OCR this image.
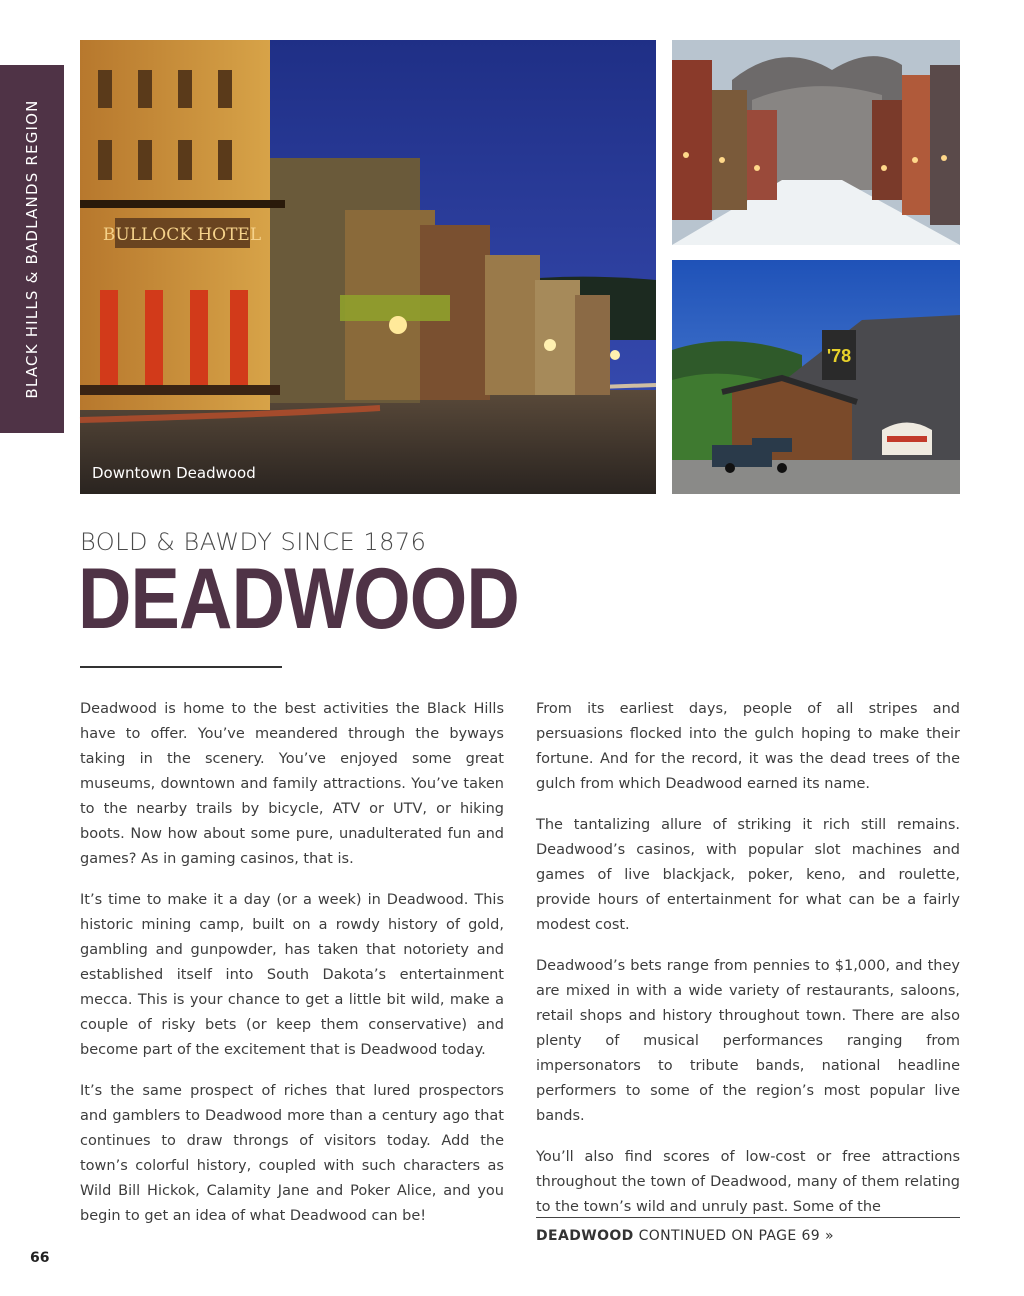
BLACK HILLS & BADLANDS REGION	BULLOCK HOTEL
Downtown Deadwood
'78
BOLD & BAWDY SINCE 1876
DEADWOOD

Deadwood is home to the best activities the Black Hills have to offer. You’ve meandered through the byways taking in the scenery. You’ve enjoyed some great museums, downtown and family attractions. You’ve taken to the nearby trails by bicycle, ATV or UTV, or hiking boots. Now how about some pure, unadulterated fun and games? As in gaming casinos, that is.

It’s time to make it a day (or a week) in Deadwood. This historic mining camp, built on a rowdy history of gold, gambling and gunpowder, has taken that notoriety and established itself into South Dakota’s entertainment mecca. This is your chance to get a little bit wild, make a couple of risky bets (or keep them conservative) and become part of the excitement that is Deadwood today.

It’s the same prospect of riches that lured prospectors and gamblers to Deadwood more than a century ago that continues to draw throngs of visitors today. Add the town’s colorful history, coupled with such characters as Wild Bill Hickok, Calamity Jane and Poker Alice, and you begin to get an idea of what Deadwood can be!

From its earliest days, people of all stripes and persuasions flocked into the gulch hoping to make their fortune. And for the record, it was the dead trees of the gulch from which Deadwood earned its name.

The tantalizing allure of striking it rich still remains. Deadwood’s casinos, with popular slot machines and games of live blackjack, poker, keno, and roulette, provide hours of entertainment for what can be a fairly modest cost.

Deadwood’s bets range from pennies to $1,000, and they are mixed in with a wide variety of restaurants, saloons, retail shops and history throughout town. There are also plenty of musical performances ranging from impersonators to tribute bands, national headline performers to some of the region’s most popular live bands.

You’ll also find scores of low-cost or free attractions throughout the town of Deadwood, many of them relating to the town’s wild and unruly past. Some of the

DEADWOOD CONTINUED ON PAGE 69 »
66
